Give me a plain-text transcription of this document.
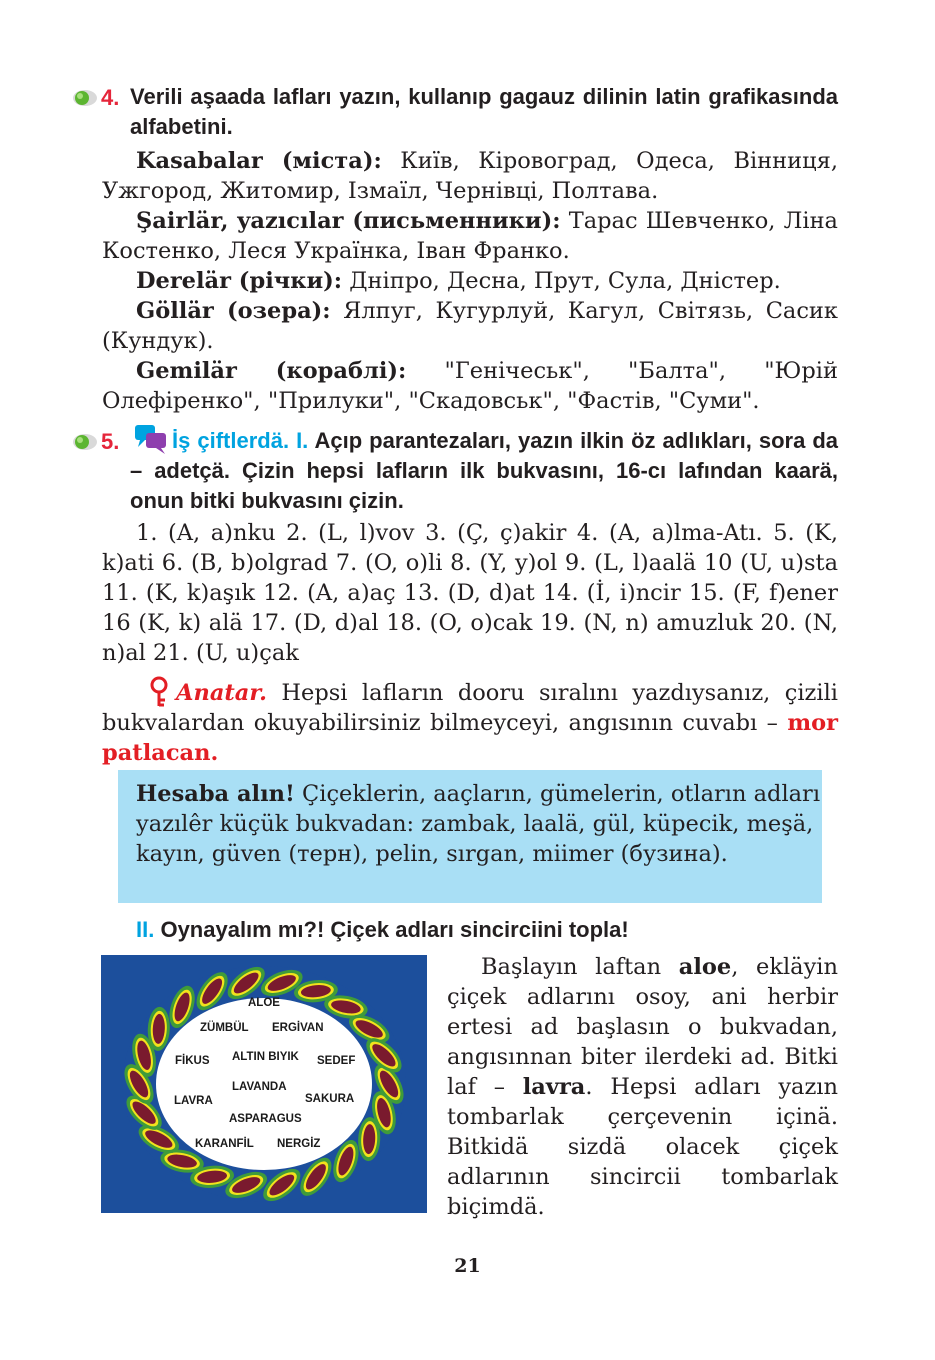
4. Verili aşaada lafları yazın, kullanıp gagauz dilinin latin grafikasında alfabetini.

Kasabalar (міста): Київ, Кіровоград, Одеса, Вінниця, Ужгород, Житомир, Ізмаїл, Чернівці, Полтава.

Şairlär, yazıcılar (письменники): Тарас Шевченко, Ліна Костенко, Леся Українка, Іван Франко.

Derelär (річки): Дніпро, Десна, Прут, Сула, Дністер.

Göllär (озера): Ялпуг, Кугурлуй, Кагул, Світязь, Сасик (Кундук).

Gemilär (кораблі): "Генічеськ", "Балта", "Юрій Олефіренко", "Прилуки", "Скадовськ", "Фастів, "Суми".

5.	İş çiftlerdä. I. Açıp parantezaları, yazın ilkin öz adlıkları, sora da – adetçä. Çizin hepsi lafların ilk bukvasını, 16-cı lafından kaarä, onun bitki bukvasını çizin.

1. (A, a)nku 2. (L, l)vov 3. (Ç, ç)akir 4. (A, a)lma-Atı. 5. (K, k)ati 6. (B, b)olgrad 7. (O, o)li 8. (Y, y)ol 9. (L, l)aalä 10 (U, u)sta 11. (K, k)aşık 12. (A, a)aç 13. (D, d)at 14. (İ, i)ncir 15. (F, f)ener 16 (K, k) alä 17. (D, d)al 18. (O, o)cak 19. (N, n) amuzluk 20. (N, n)al 21. (U, u)çak

Anatar. Hepsi lafların dooru sıralını yazdıysanız, çizili bukvalardan okuyabilirsiniz bilmeyceyi, angısının cuvabı – mor patlacan.

Hesaba alın! Çiçeklerin, aaçların, gümelerin, otların adları yazılêr küçük bukvadan: zambak, laalä, gül, küpecik, meşä, kayın, güven (терн), pelin, sırgan, miimer (бузина).
II. Oynayalım mı?! Çiçek adları sincirciini topla!
ALOE
ZÜMBÜL ERGİVAN
FİKUS ALTIN BIYIK SEDEF
LAVANDA
LAVRA	SAKURA
ASPARAGUS
KARANFİL NERGİZ

Başlayın laftan aloe, ekläyin çiçek adlarını osoy, ani herbir ertesi ad başlasın o bukvadan, angısınnan biter ilerdeki ad. Bitki laf – lavra. Hepsi adları yazın tombarlak çerçevenin içinä. Bitkidä sizdä olacek çiçek adlarının sincircii tombarlak biçimdä.

21
